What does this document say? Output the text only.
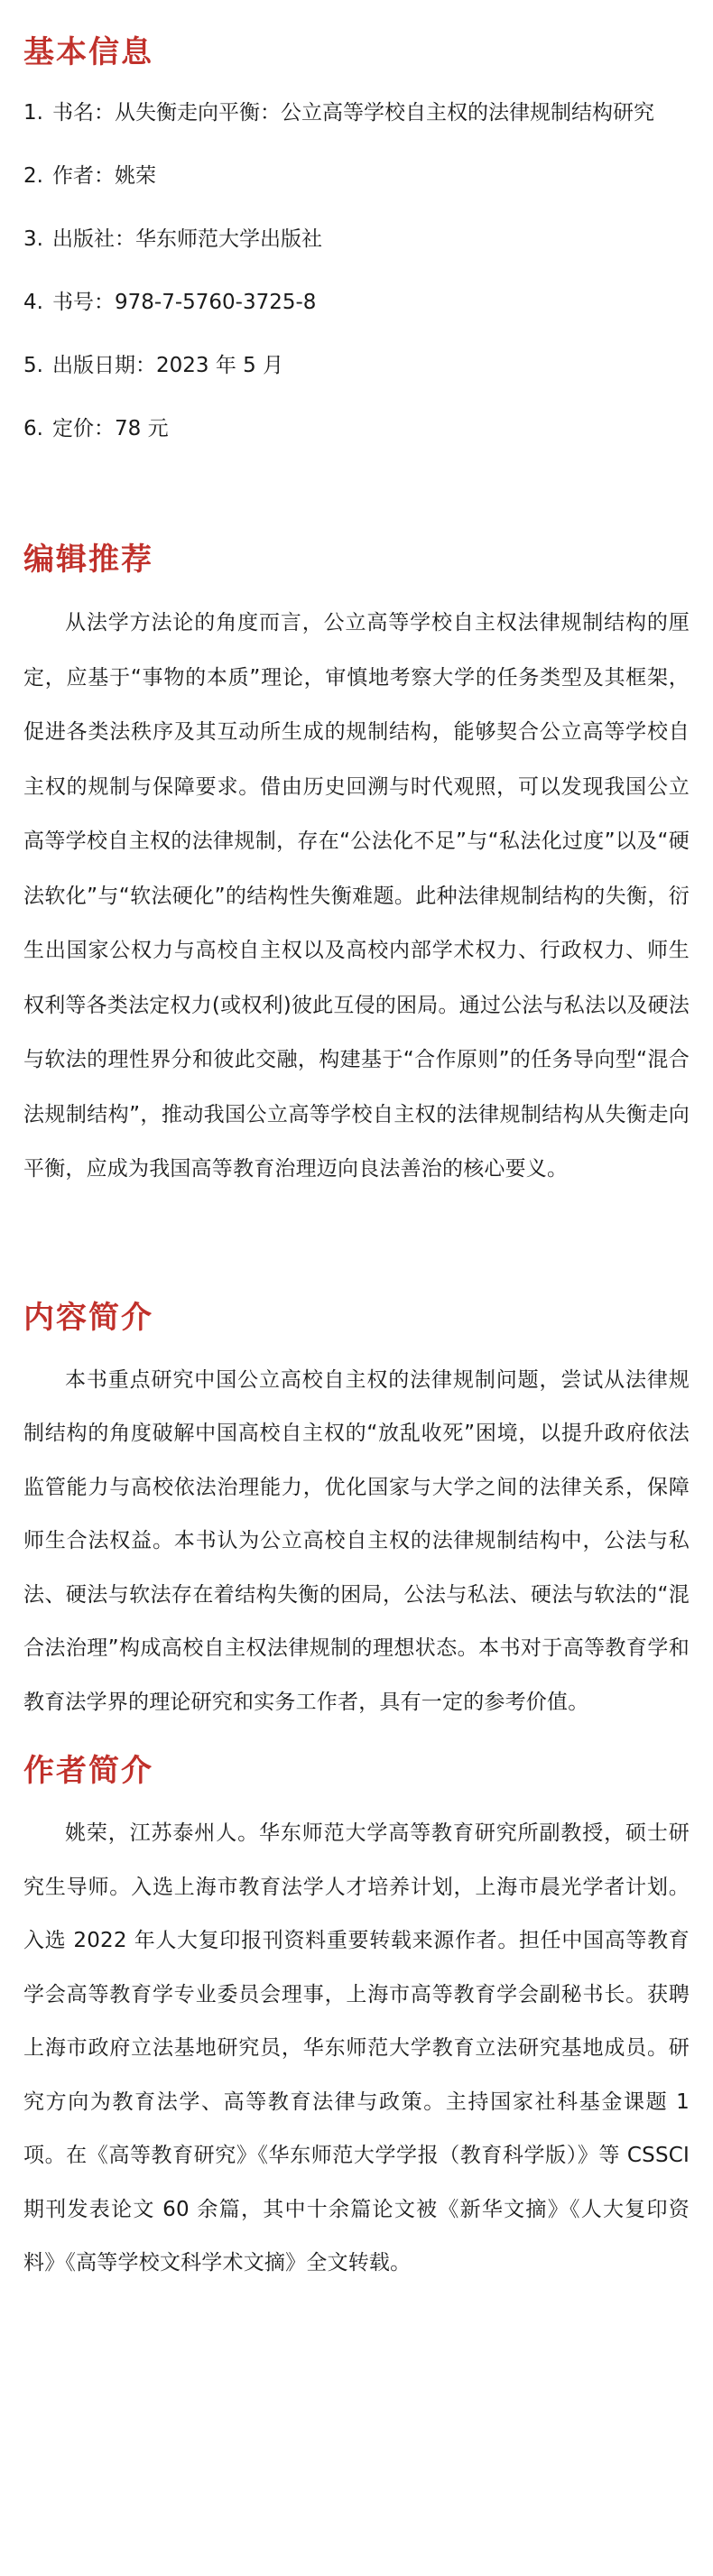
基本信息
1. 书名：从失衡走向平衡：公立高等学校自主权的法律规制结构研究
2. 作者：姚荣
3. 出版社：华东师范大学出版社
4. 书号：978-7-5760-3725-8
5. 出版日期：2023 年 5 月
6. 定价：78 元
编辑推荐

从法学方法论的角度而言，公立高等学校自主权法律规制结构的厘定，应基于“事物的本质”理论，审慎地考察大学的任务类型及其框架，促进各类法秩序及其互动所生成的规制结构，能够契合公立高等学校自主权的规制与保障要求。借由历史回溯与时代观照，可以发现我国公立高等学校自主权的法律规制，存在“公法化不足”与“私法化过度”以及“硬法软化”与“软法硬化”的结构性失衡难题。此种法律规制结构的失衡，衍生出国家公权力与高校自主权以及高校内部学术权力、行政权力、师生权利等各类法定权力(或权利)彼此互侵的困局。通过公法与私法以及硬法与软法的理性界分和彼此交融，构建基于“合作原则”的任务导向型“混合法规制结构”，推动我国公立高等学校自主权的法律规制结构从失衡走向平衡，应成为我国高等教育治理迈向良法善治的核心要义。

内容简介

本书重点研究中国公立高校自主权的法律规制问题，尝试从法律规制结构的角度破解中国高校自主权的“放乱收死”困境，以提升政府依法监管能力与高校依法治理能力，优化国家与大学之间的法律关系，保障师生合法权益。本书认为公立高校自主权的法律规制结构中，公法与私法、硬法与软法存在着结构失衡的困局，公法与私法、硬法与软法的“混合法治理”构成高校自主权法律规制的理想状态。本书对于高等教育学和教育法学界的理论研究和实务工作者，具有一定的参考价值。

作者简介

姚荣，江苏泰州人。华东师范大学高等教育研究所副教授，硕士研究生导师。入选上海市教育法学人才培养计划，上海市晨光学者计划。入选 2022 年人大复印报刊资料重要转载来源作者。担任中国高等教育学会高等教育学专业委员会理事，上海市高等教育学会副秘书长。获聘上海市政府立法基地研究员，华东师范大学教育立法研究基地成员。研究方向为教育法学、高等教育法律与政策。主持国家社科基金课题 1 项。在《高等教育研究》《华东师范大学学报（教育科学版）》等 CSSCI 期刊发表论文 60 余篇，其中十余篇论文被《新华文摘》《人大复印资料》《高等学校文科学术文摘》全文转载。
